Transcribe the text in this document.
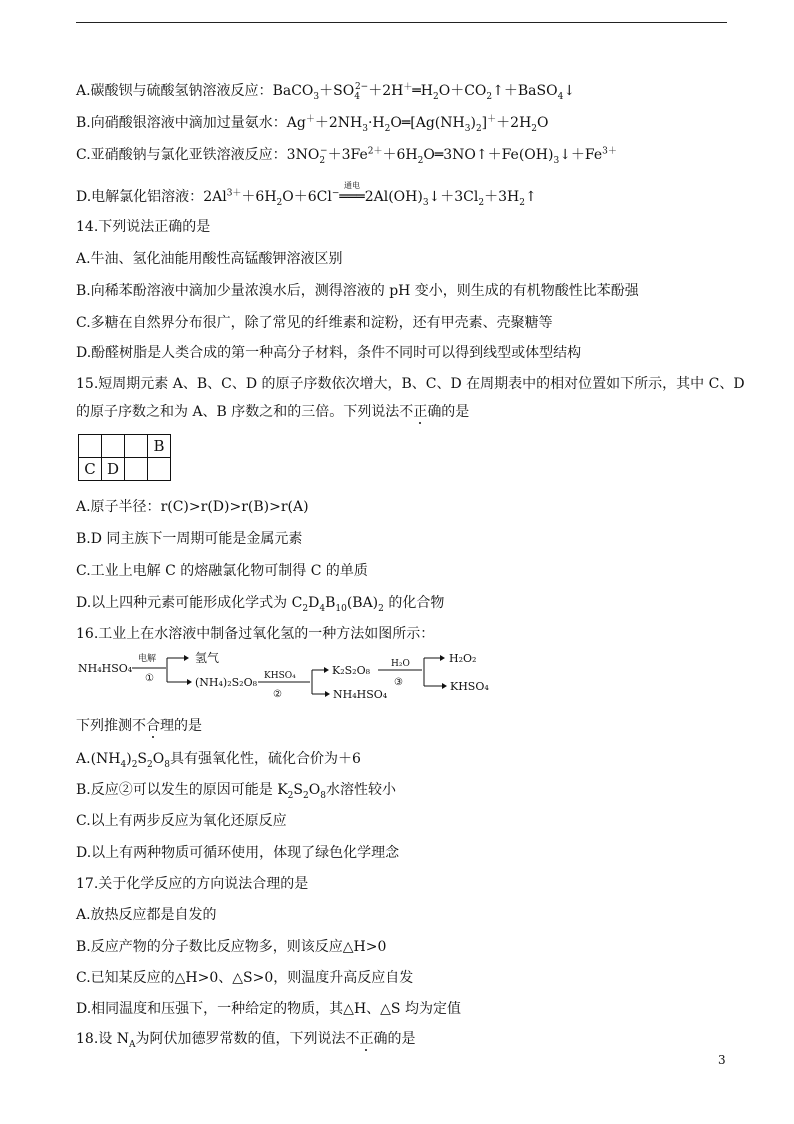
A.碳酸钡与硫酸氢钠溶液反应：$BaCO_3+SO_4^{2-}+2H^+═H_2O+CO_2↑+BaSO_4↓$
B.向硝酸银溶液中滴加过量氨水：$Ag^++2NH_3\cdot H_2O═[Ag(NH_3)_2]^++2H_2O$
C.亚硝酸钠与氯化亚铁溶液反应：$3NO_2^-+3Fe^{2+}+6H_2O═3NO↑+Fe(OH)_3↓+Fe^{3+}$
D.电解氯化铝溶液：$2Al^{3+}+6H_2O+6Cl^-$
通电
$═══2Al(OH)_3↓+3Cl_2+3H_2↑$
14.下列说法正确的是
A.牛油、氢化油能用酸性高锰酸钾溶液区别
B.向稀苯酚溶液中滴加少量浓溴水后，测得溶液的 pH 变小，则生成的有机物酸性比苯酚强
C.多糖在自然界分布很广，除了常见的纤维素和淀粉，还有甲壳素、壳聚糖等
D.酚醛树脂是人类合成的第一种高分子材料，条件不同时可以得到线型或体型结构
15.短周期元素 A、B、C、D 的原子序数依次增大，B、C、D 在周期表中的相对位置如下所示，其中 C、D
的原子序数之和为 A、B 序数之和的三倍。下列说法不正确的是
			B
C	D		
A.原子半径：r(C)>r(D)>r(B)>r(A)
B.D 同主族下一周期可能是金属元素
C.工业上电解 C 的熔融氯化物可制得 C 的单质
D.以上四种元素可能形成化学式为 $C_2D_4B_{10}(BA)_2$ 的化合物
16.工业上在水溶液中制备过氧化氢的一种方法如图所示：
NH₄HSO₄
电解
①
氢气
(NH₄)₂S₂O₈ KHSO₄
②
K₂S₂O₈
NH₄HSO₄
H₂O
③
H₂O₂
KHSO₄
下列推测不合理的是
$A.(NH_4)_2S_2O_8$具有强氧化性，硫化合价为＋6
B.反应②可以发生的原因可能是 $K_2S_2O_8$水溶性较小
C.以上有两步反应为氧化还原反应
D.以上有两种物质可循环使用，体现了绿色化学理念
17.关于化学反应的方向说法合理的是
A.放热反应都是自发的
B.反应产物的分子数比反应物多，则该反应△H>0
C.已知某反应的△H>0、△S>0，则温度升高反应自发
D.相同温度和压强下，一种给定的物质，其△H、△S 均为定值
18.设 $N_A$为阿伏加德罗常数的值，下列说法不正确的是
3
